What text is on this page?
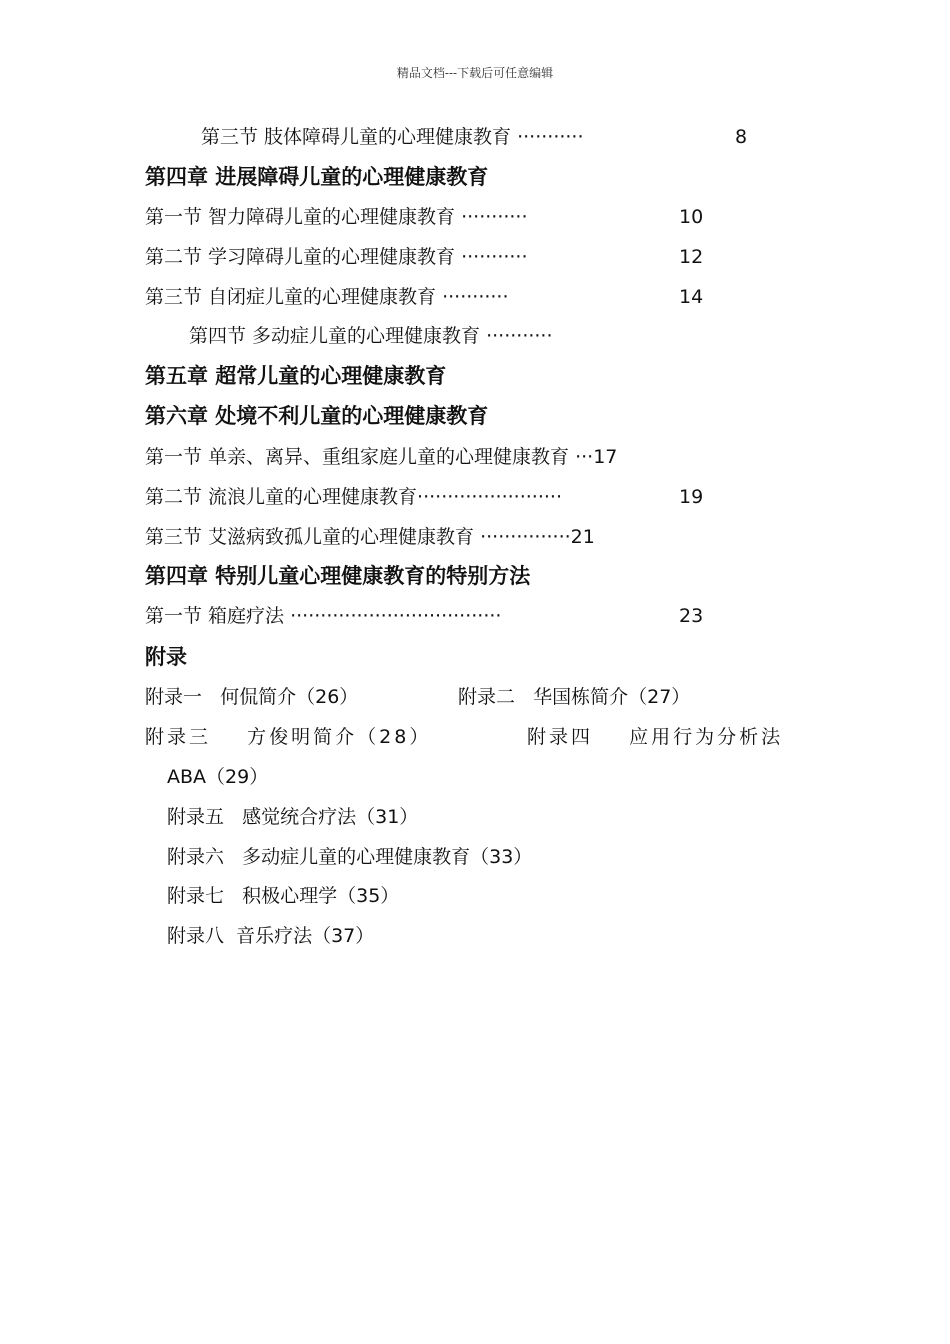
精品文档---下载后可任意编辑
第三节 肢体障碍儿童的心理健康教育 ···········	8
第四章 进展障碍儿童的心理健康教育
第一节 智力障碍儿童的心理健康教育 ···········	10
第二节 学习障碍儿童的心理健康教育 ···········	12
第三节 自闭症儿童的心理健康教育 ···········	14
第四节 多动症儿童的心理健康教育 ···········
第五章 超常儿童的心理健康教育
第六章 处境不利儿童的心理健康教育
第一节 单亲、离异、重组家庭儿童的心理健康教育 ···17
第二节 流浪儿童的心理健康教育························	19
第三节 艾滋病致孤儿童的心理健康教育 ···············21
第四章 特别儿童心理健康教育的特别方法
第一节 箱庭疗法 ···································	23
附录
附录一   何侃简介（26）	附录二   华国栋简介（27）
附录三    方俊明简介（28）	附录四    应用行为分析法
ABA（29）
附录五   感觉统合疗法（31）
附录六   多动症儿童的心理健康教育（33）
附录七   积极心理学（35）
附录八  音乐疗法（37）
